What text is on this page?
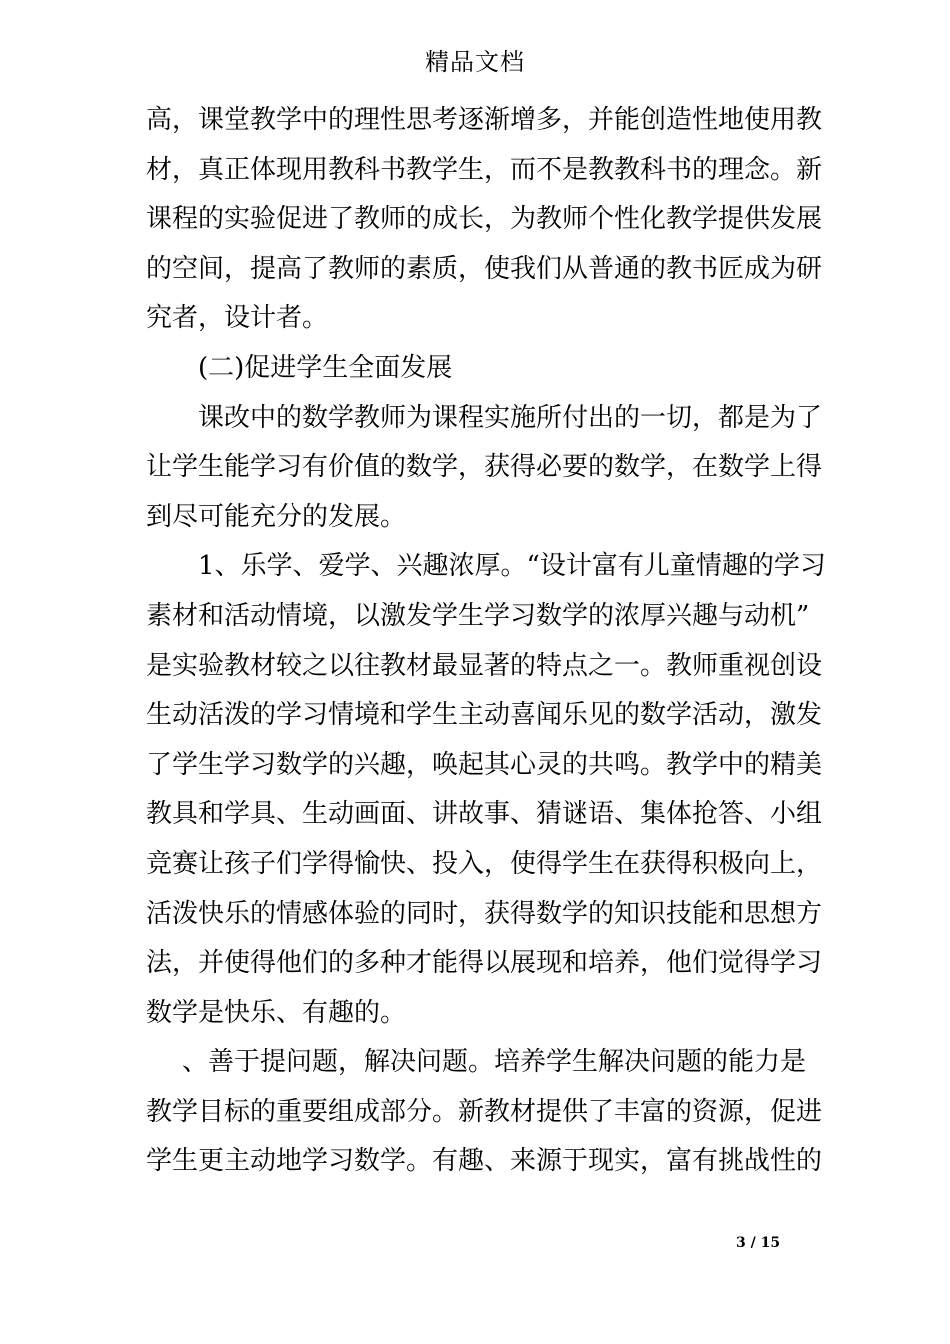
精品文档
高，课堂教学中的理性思考逐渐增多，并能创造性地使用教
材，真正体现用教科书教学生，而不是教教科书的理念。新
课程的实验促进了教师的成长，为教师个性化教学提供发展
的空间，提高了教师的素质，使我们从普通的教书匠成为研
究者，设计者。
(二)促进学生全面发展
课改中的数学教师为课程实施所付出的一切，都是为了
让学生能学习有价值的数学，获得必要的数学，在数学上得
到尽可能充分的发展。
1、乐学、爱学、兴趣浓厚。“设计富有儿童情趣的学习
素材和活动情境，以激发学生学习数学的浓厚兴趣与动机”
是实验教材较之以往教材最显著的特点之一。教师重视创设
生动活泼的学习情境和学生主动喜闻乐见的数学活动，激发
了学生学习数学的兴趣，唤起其心灵的共鸣。教学中的精美
教具和学具、生动画面、讲故事、猜谜语、集体抢答、小组
竞赛让孩子们学得愉快、投入，使得学生在获得积极向上，
活泼快乐的情感体验的同时，获得数学的知识技能和思想方
法，并使得他们的多种才能得以展现和培养，他们觉得学习
数学是快乐、有趣的。
、善于提问题，解决问题。培养学生解决问题的能力是
教学目标的重要组成部分。新教材提供了丰富的资源，促进
学生更主动地学习数学。有趣、来源于现实，富有挑战性的
3 / 15
